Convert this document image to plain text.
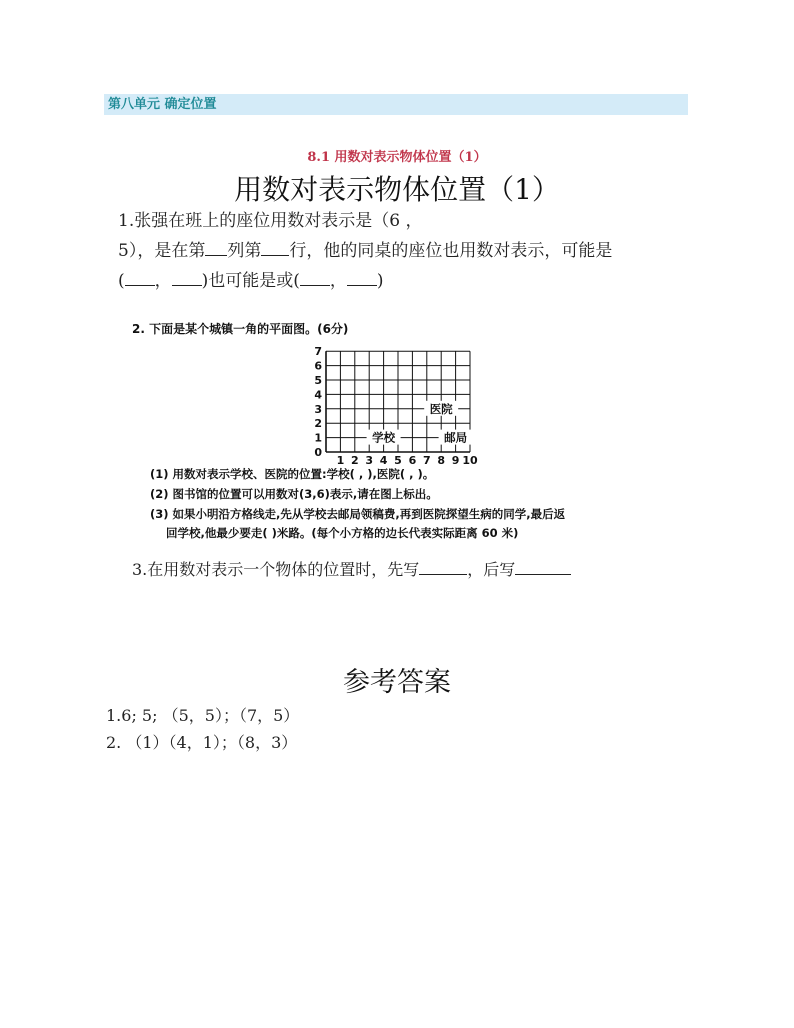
第八单元 确定位置
8.1 用数对表示物体位置（1）
用数对表示物体位置（1）
1.张强在班上的座位用数对表示是（6 ，
5），是在第 列第 行，他的同桌的座位也用数对表示，可能是
( ， )也可能是或( ， )
2. 下面是某个城镇一角的平面图。(6分)
7
6
5
4
3
2
1
0
1 2 3 4 5 6 7 8 9 10
医院
学校	邮局
(1) 用数对表示学校、医院的位置:学校( , ),医院( , )。
(2) 图书馆的位置可以用数对(3,6)表示,请在图上标出。
(3) 如果小明沿方格线走,先从学校去邮局领稿费,再到医院探望生病的同学,最后返
回学校,他最少要走( )米路。(每个小方格的边长代表实际距离 60 米)
3.在用数对表示一个物体的位置时，先写	，后写
参考答案
1.6; 5; （5，5）；（7，5）
2. （1）（4，1）；（8，3）
